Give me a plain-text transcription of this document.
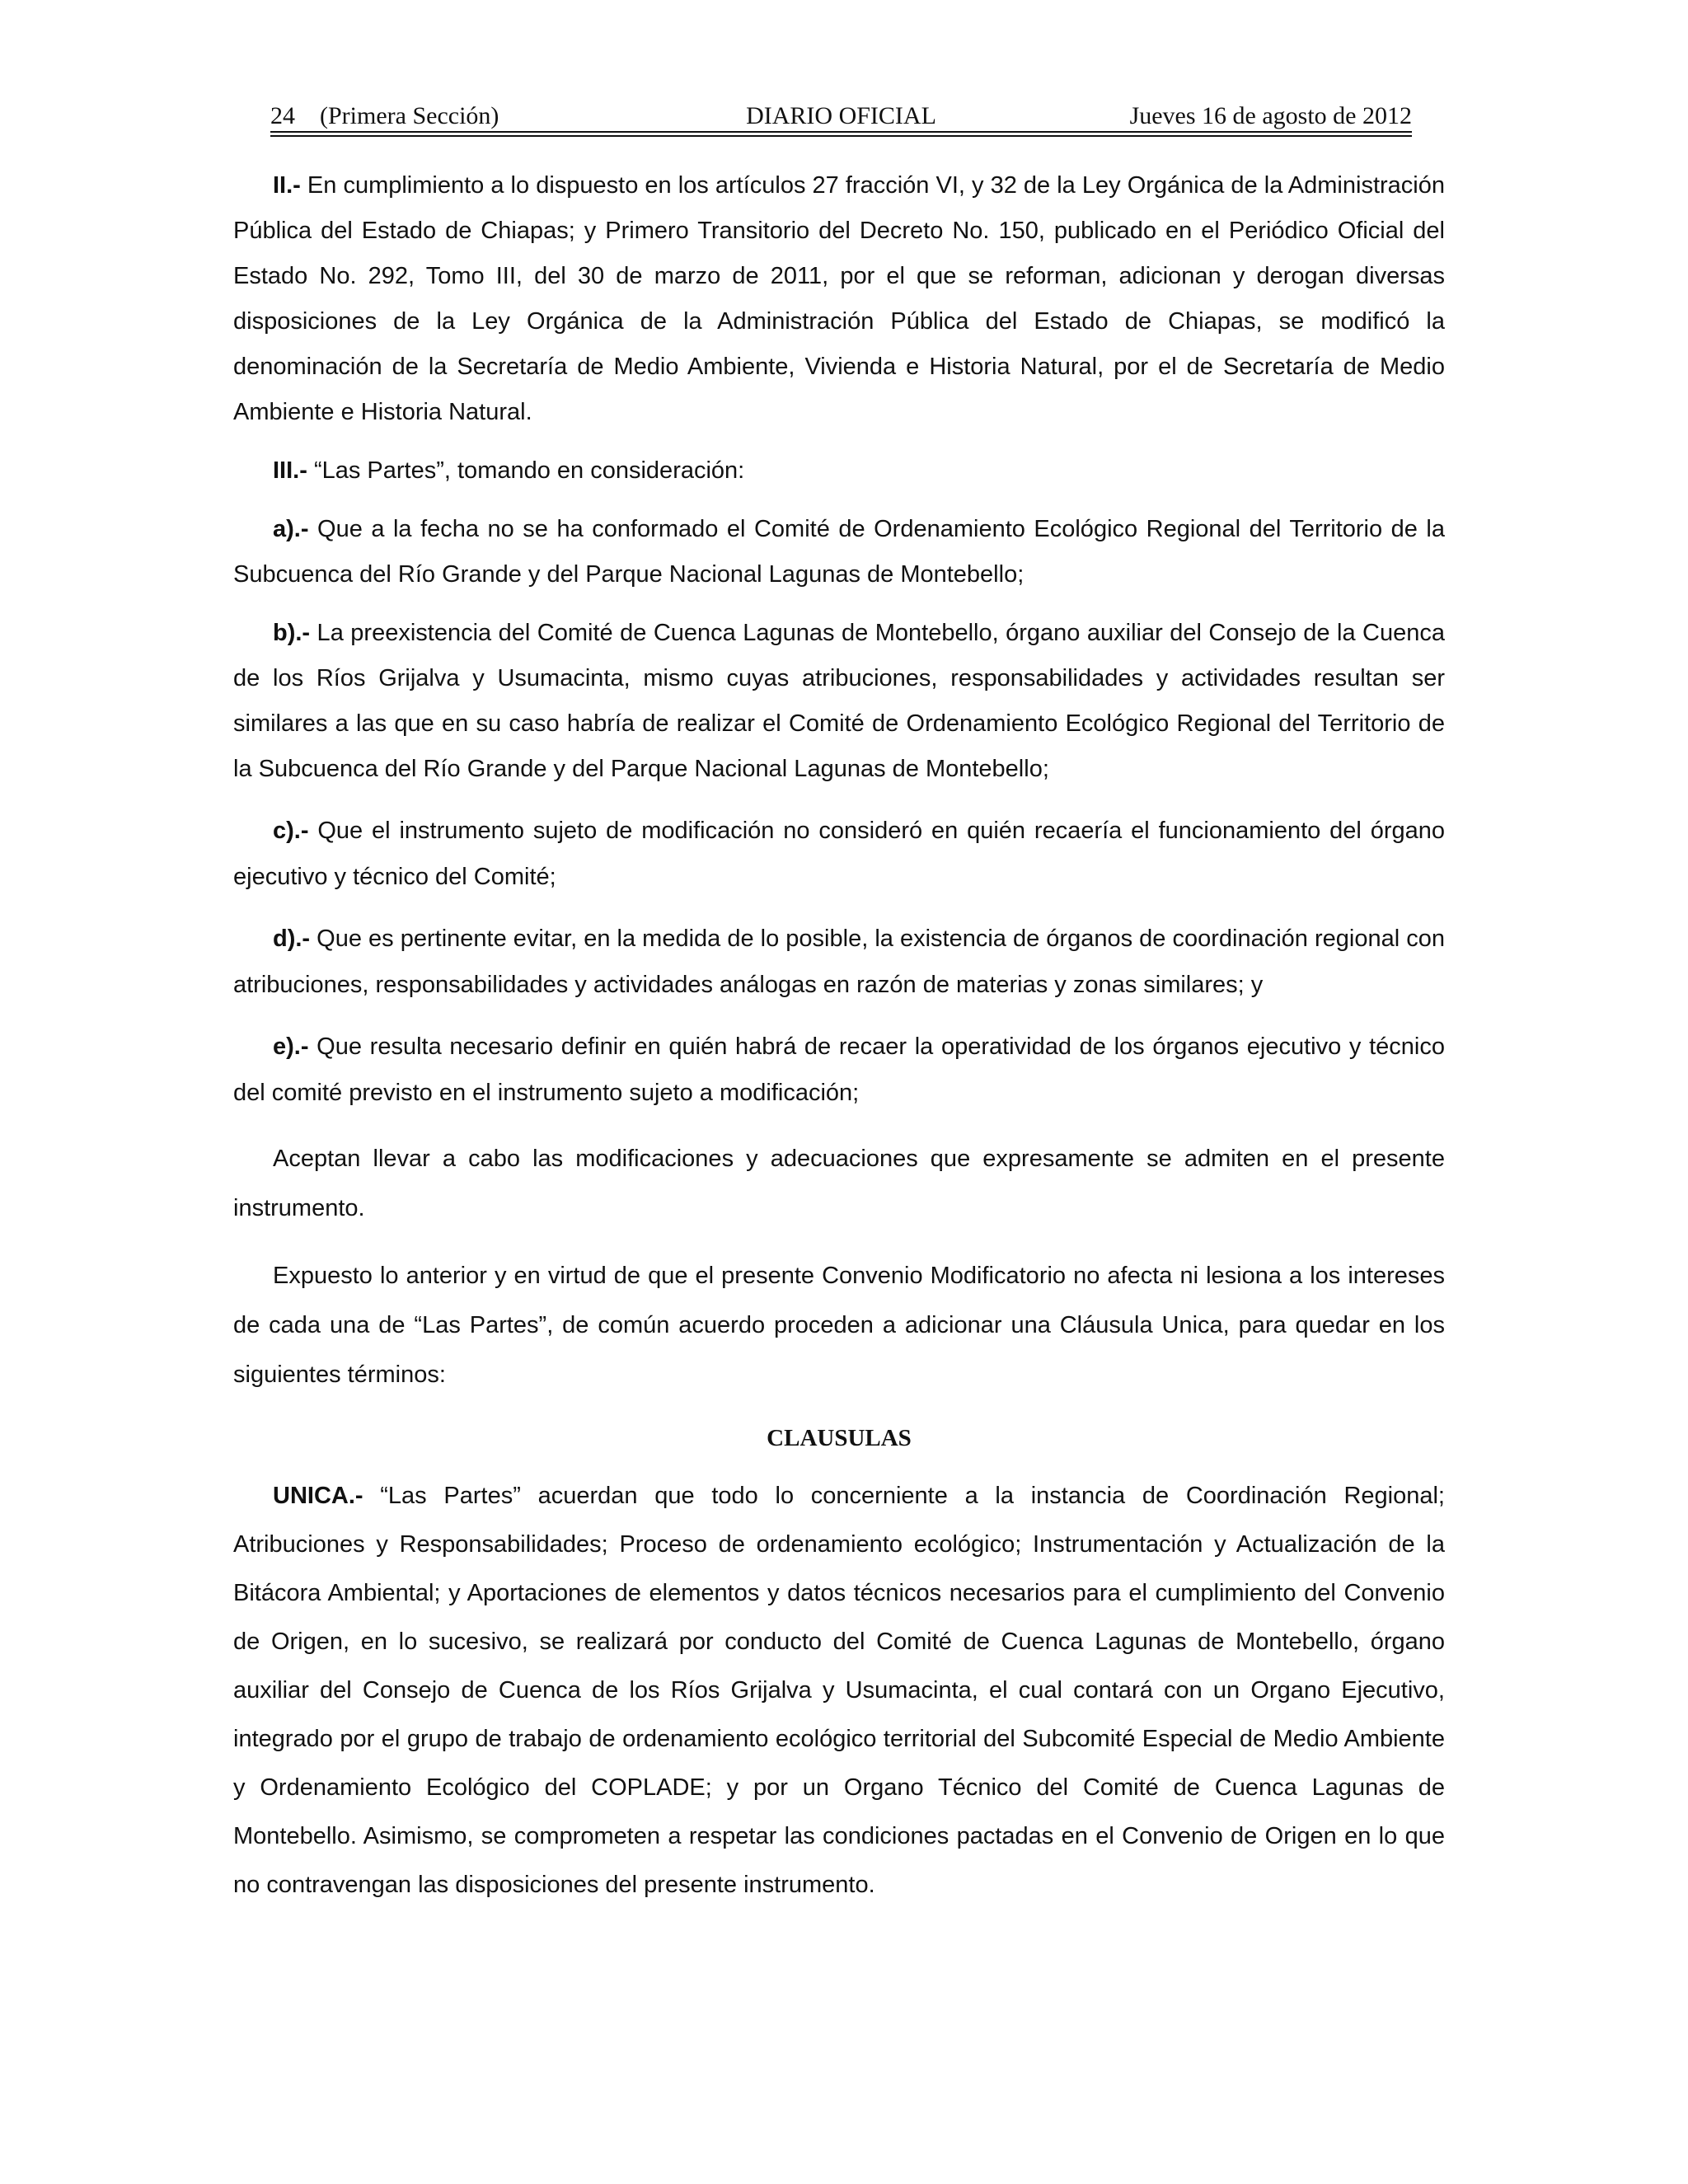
24 (Primera Sección)	DIARIO OFICIAL	Jueves 16 de agosto de 2012

II.- En cumplimiento a lo dispuesto en los artículos 27 fracción VI, y 32 de la Ley Orgánica de la Administración Pública del Estado de Chiapas; y Primero Transitorio del Decreto No. 150, publicado en el Periódico Oficial del Estado No. 292, Tomo III, del 30 de marzo de 2011, por el que se reforman, adicionan y derogan diversas disposiciones de la Ley Orgánica de la Administración Pública del Estado de Chiapas, se modificó la denominación de la Secretaría de Medio Ambiente, Vivienda e Historia Natural, por el de Secretaría de Medio Ambiente e Historia Natural.

III.- “Las Partes”, tomando en consideración:

a).- Que a la fecha no se ha conformado el Comité de Ordenamiento Ecológico Regional del Territorio de la Subcuenca del Río Grande y del Parque Nacional Lagunas de Montebello;

b).- La preexistencia del Comité de Cuenca Lagunas de Montebello, órgano auxiliar del Consejo de la Cuenca de los Ríos Grijalva y Usumacinta, mismo cuyas atribuciones, responsabilidades y actividades resultan ser similares a las que en su caso habría de realizar el Comité de Ordenamiento Ecológico Regional del Territorio de la Subcuenca del Río Grande y del Parque Nacional Lagunas de Montebello;

c).- Que el instrumento sujeto de modificación no consideró en quién recaería el funcionamiento del órgano ejecutivo y técnico del Comité;

d).- Que es pertinente evitar, en la medida de lo posible, la existencia de órganos de coordinación regional con atribuciones, responsabilidades y actividades análogas en razón de materias y zonas similares; y

e).- Que resulta necesario definir en quién habrá de recaer la operatividad de los órganos ejecutivo y técnico del comité previsto en el instrumento sujeto a modificación;

Aceptan llevar a cabo las modificaciones y adecuaciones que expresamente se admiten en el presente instrumento.

Expuesto lo anterior y en virtud de que el presente Convenio Modificatorio no afecta ni lesiona a los intereses de cada una de “Las Partes”, de común acuerdo proceden a adicionar una Cláusula Unica, para quedar en los siguientes términos:

CLAUSULAS

UNICA.- “Las Partes” acuerdan que todo lo concerniente a la instancia de Coordinación Regional; Atribuciones y Responsabilidades; Proceso de ordenamiento ecológico; Instrumentación y Actualización de la Bitácora Ambiental; y Aportaciones de elementos y datos técnicos necesarios para el cumplimiento del Convenio de Origen, en lo sucesivo, se realizará por conducto del Comité de Cuenca Lagunas de Montebello, órgano auxiliar del Consejo de Cuenca de los Ríos Grijalva y Usumacinta, el cual contará con un Organo Ejecutivo, integrado por el grupo de trabajo de ordenamiento ecológico territorial del Subcomité Especial de Medio Ambiente y Ordenamiento Ecológico del COPLADE; y por un Organo Técnico del Comité de Cuenca Lagunas de Montebello. Asimismo, se comprometen a respetar las condiciones pactadas en el Convenio de Origen en lo que no contravengan las disposiciones del presente instrumento.
